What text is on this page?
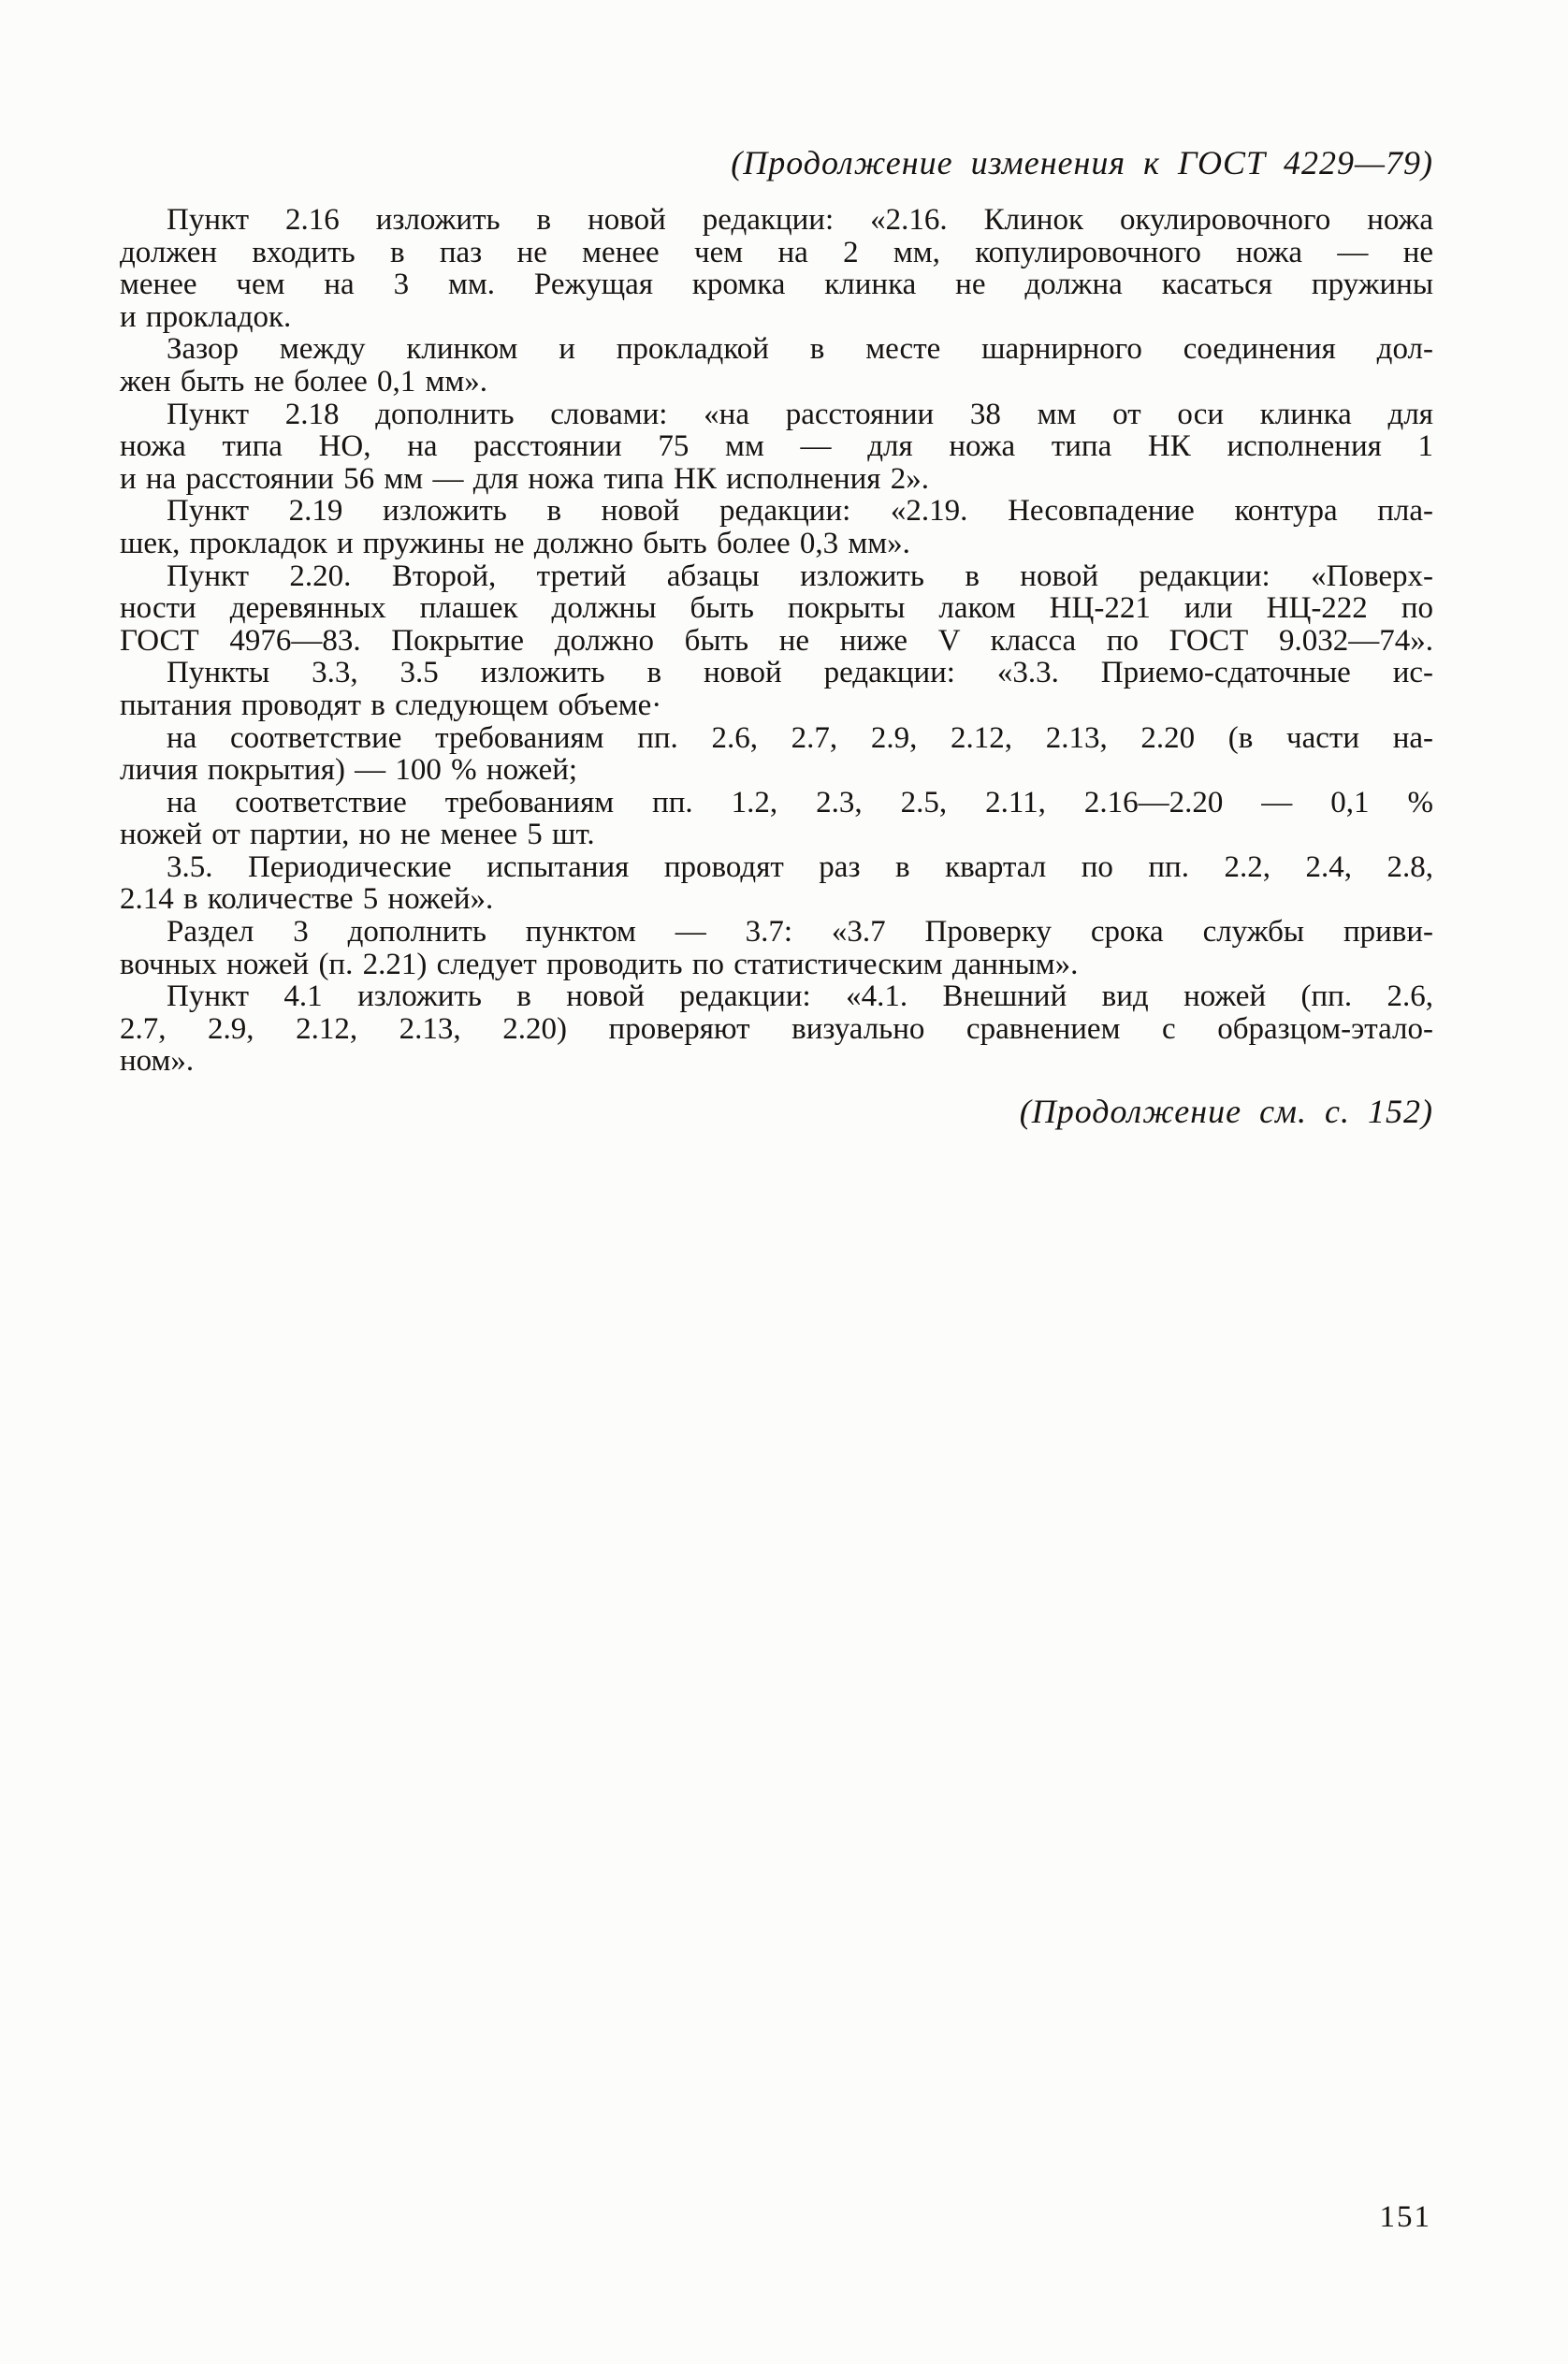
(Продолжение изменения к ГОСТ 4229—79)
Пункт 2.16 изложить в новой редакции: «2.16. Клинок окулировочного ножа
должен входить в паз не менее чем на 2 мм, копулировочного ножа — не
менее чем на 3 мм. Режущая кромка клинка не должна касаться пружины
и прокладок.
Зазор между клинком и прокладкой в месте шарнирного соединения дол-
жен быть не более 0,1 мм».
Пункт 2.18 дополнить словами: «на расстоянии 38 мм от оси клинка для
ножа типа НО, на расстоянии 75 мм — для ножа типа НК исполнения 1
и на расстоянии 56 мм — для ножа типа НК исполнения 2».
Пункт 2.19 изложить в новой редакции: «2.19. Несовпадение контура пла-
шек, прокладок и пружины не должно быть более 0,3 мм».
Пункт 2.20. Второй, третий абзацы изложить в новой редакции: «Поверх-
ности деревянных плашек должны быть покрыты лаком НЦ-221 или НЦ-222 по
ГОСТ 4976—83. Покрытие должно быть не ниже V класса по ГОСТ 9.032—74».
Пункты 3.3, 3.5 изложить в новой редакции: «3.3. Приемо-сдаточные ис-
пытания проводят в следующем объеме·
на соответствие требованиям пп. 2.6, 2.7, 2.9, 2.12, 2.13, 2.20 (в части на-
личия покрытия) — 100 % ножей;
на соответствие требованиям пп. 1.2, 2.3, 2.5, 2.11, 2.16—2.20 — 0,1 %
ножей от партии, но не менее 5 шт.
3.5. Периодические испытания проводят раз в квартал по пп. 2.2, 2.4, 2.8,
2.14 в количестве 5 ножей».
Раздел 3 дополнить пунктом — 3.7: «3.7 Проверку срока службы приви-
вочных ножей (п. 2.21) следует проводить по статистическим данным».
Пункт 4.1 изложить в новой редакции: «4.1. Внешний вид ножей (пп. 2.6,
2.7, 2.9, 2.12, 2.13, 2.20) проверяют визуально сравнением с образцом-этало-
ном».
(Продолжение см. с. 152)
151
